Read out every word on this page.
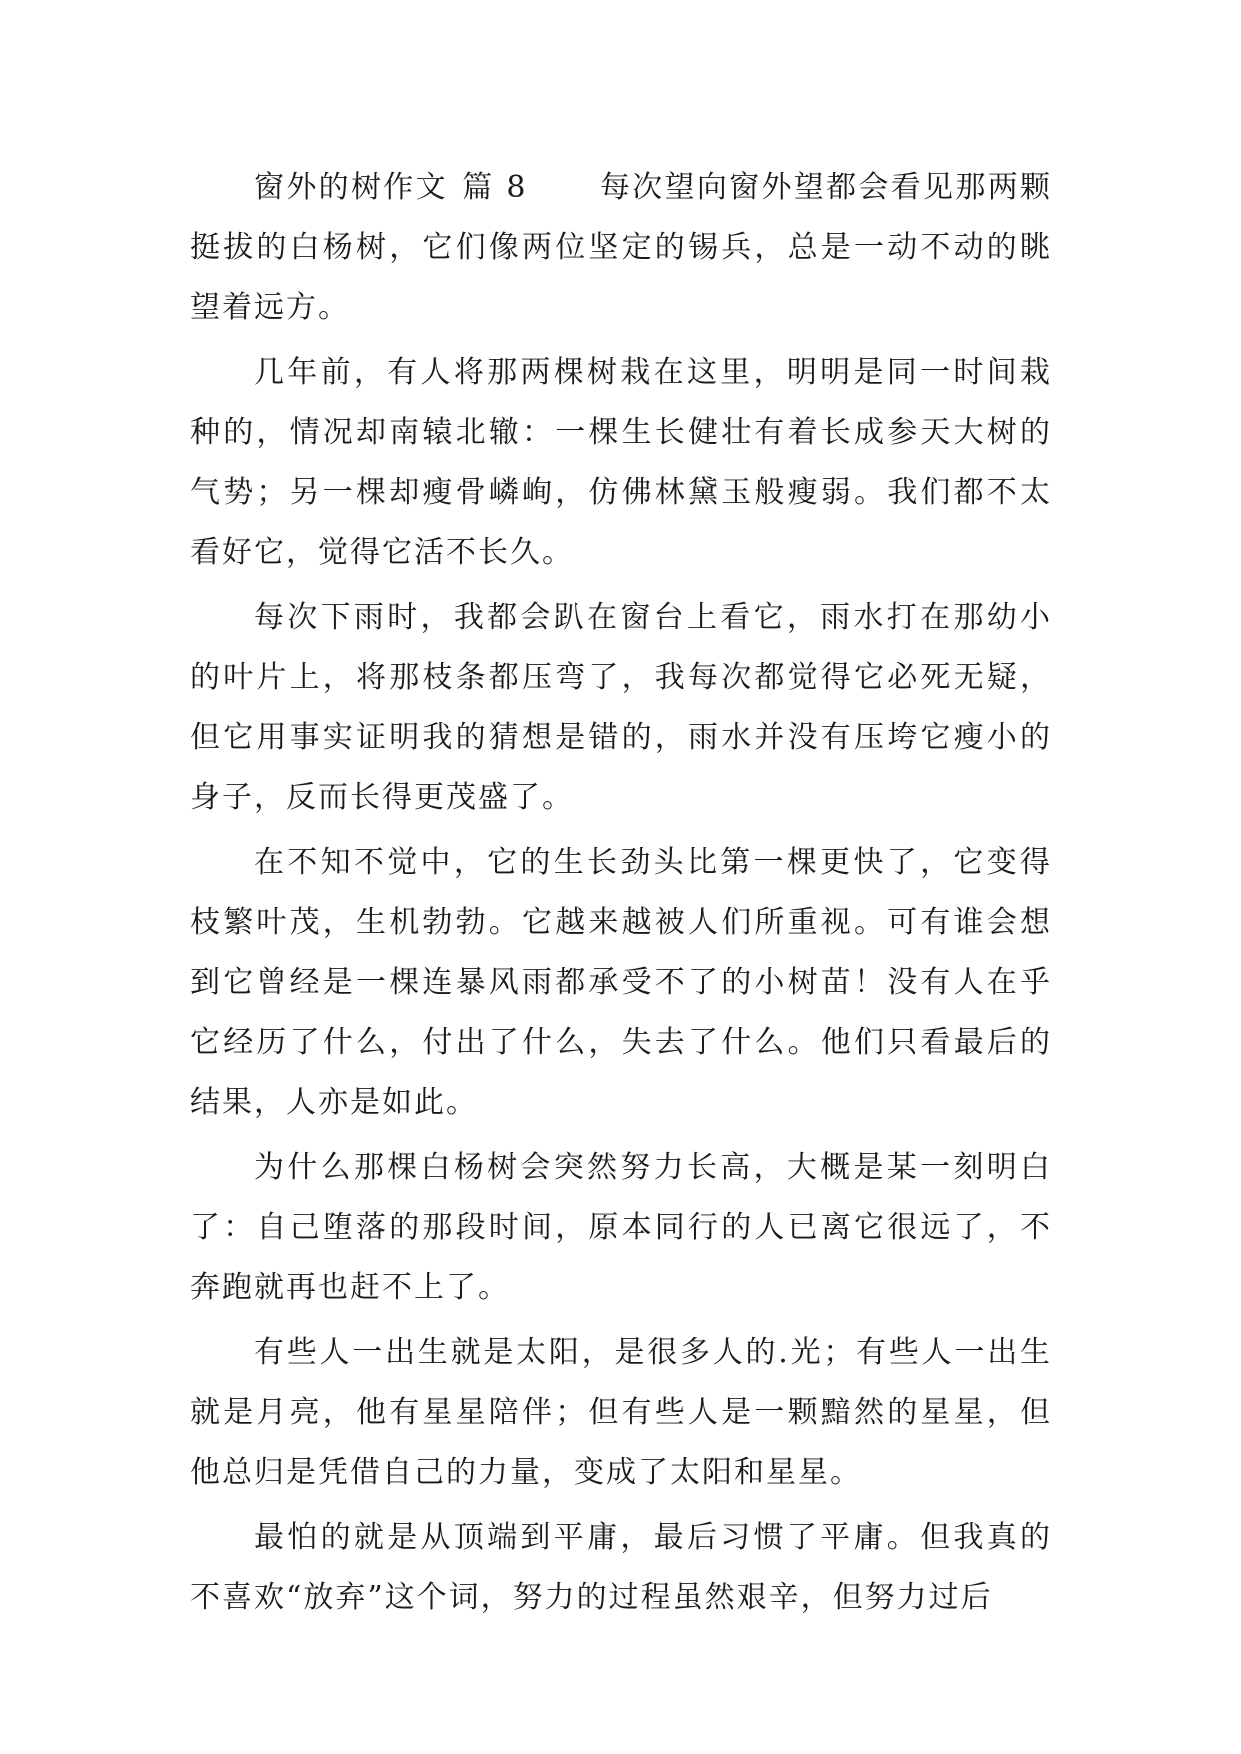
窗外的树作文 篇 8 每次望向窗外望都会看见那两颗挺拔的白杨树，它们像两位坚定的锡兵，总是一动不动的眺望着远方。

几年前，有人将那两棵树栽在这里，明明是同一时间栽种的，情况却南辕北辙：一棵生长健壮有着长成参天大树的气势；另一棵却瘦骨嶙峋，仿佛林黛玉般瘦弱。我们都不太看好它，觉得它活不长久。

每次下雨时，我都会趴在窗台上看它，雨水打在那幼小的叶片上，将那枝条都压弯了，我每次都觉得它必死无疑，但它用事实证明我的猜想是错的，雨水并没有压垮它瘦小的身子，反而长得更茂盛了。

在不知不觉中，它的生长劲头比第一棵更快了，它变得枝繁叶茂，生机勃勃。它越来越被人们所重视。可有谁会想到它曾经是一棵连暴风雨都承受不了的小树苗！没有人在乎它经历了什么，付出了什么，失去了什么。他们只看最后的结果，人亦是如此。

为什么那棵白杨树会突然努力长高，大概是某一刻明白了：自己堕落的那段时间，原本同行的人已离它很远了，不奔跑就再也赶不上了。

有些人一出生就是太阳，是很多人的.光；有些人一出生就是月亮，他有星星陪伴；但有些人是一颗黯然的星星，但他总归是凭借自己的力量，变成了太阳和星星。

最怕的就是从顶端到平庸，最后习惯了平庸。但我真的不喜欢“放弃”这个词，努力的过程虽然艰辛，但努力过后
